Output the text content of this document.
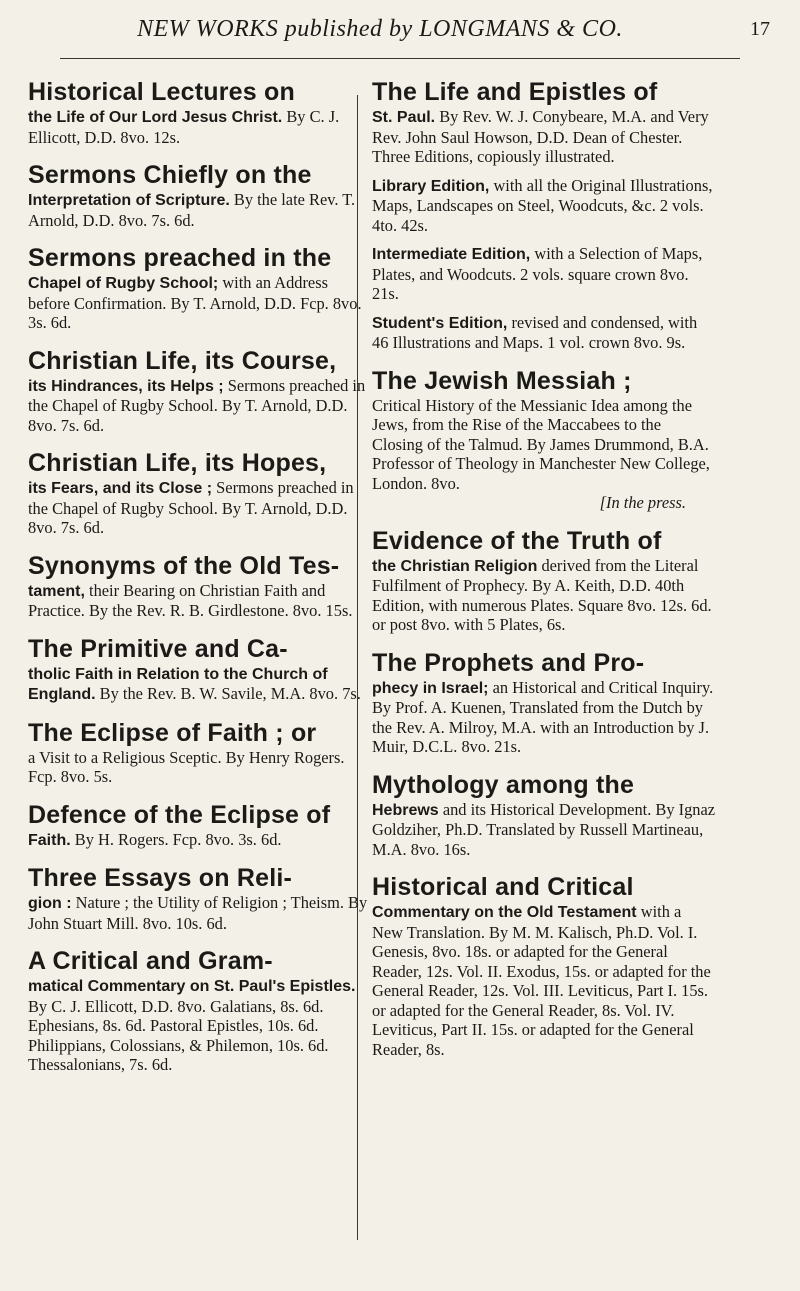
NEW WORKS published by LONGMANS & CO.	17

Historical Lectures on

the Life of Our Lord Jesus Christ. By C. J. Ellicott, D.D. 8vo. 12s.

Sermons Chiefly on the

Interpretation of Scripture. By the late Rev. T. Arnold, D.D. 8vo. 7s. 6d.

Sermons preached in the

Chapel of Rugby School; with an Address before Confirmation. By T. Arnold, D.D. Fcp. 8vo. 3s. 6d.

Christian Life, its Course,

its Hindrances, its Helps ; Sermons preached in the Chapel of Rugby School. By T. Arnold, D.D. 8vo. 7s. 6d.

Christian Life, its Hopes,

its Fears, and its Close ; Sermons preached in the Chapel of Rugby School. By T. Arnold, D.D. 8vo. 7s. 6d.

Synonyms of the Old Tes-

tament, their Bearing on Christian Faith and Practice. By the Rev. R. B. Girdlestone. 8vo. 15s.

The Primitive and Ca-

tholic Faith in Relation to the Church of England. By the Rev. B. W. Savile, M.A. 8vo. 7s.

The Eclipse of Faith ; or

a Visit to a Religious Sceptic. By Henry Rogers. Fcp. 8vo. 5s.

Defence of the Eclipse of

Faith. By H. Rogers. Fcp. 8vo. 3s. 6d.

Three Essays on Reli-

gion : Nature ; the Utility of Religion ; Theism. By John Stuart Mill. 8vo. 10s. 6d.

A Critical and Gram-

matical Commentary on St. Paul's Epistles. By C. J. Ellicott, D.D. 8vo. Galatians, 8s. 6d. Ephesians, 8s. 6d. Pastoral Epistles, 10s. 6d. Philippians, Colossians, & Philemon, 10s. 6d. Thessalonians, 7s. 6d.

The Life and Epistles of

St. Paul. By Rev. W. J. Conybeare, M.A. and Very Rev. John Saul Howson, D.D. Dean of Chester. Three Editions, copiously illustrated.

Library Edition, with all the Original Illustrations, Maps, Landscapes on Steel, Woodcuts, &c. 2 vols. 4to. 42s.

Intermediate Edition, with a Selection of Maps, Plates, and Woodcuts. 2 vols. square crown 8vo. 21s.

Student's Edition, revised and condensed, with 46 Illustrations and Maps. 1 vol. crown 8vo. 9s.

The Jewish Messiah ;

Critical History of the Messianic Idea among the Jews, from the Rise of the Maccabees to the Closing of the Talmud. By James Drummond, B.A. Professor of Theology in Manchester New College, London. 8vo.

[In the press.

Evidence of the Truth of

the Christian Religion derived from the Literal Fulfilment of Prophecy. By A. Keith, D.D. 40th Edition, with numerous Plates. Square 8vo. 12s. 6d. or post 8vo. with 5 Plates, 6s.

The Prophets and Pro-

phecy in Israel; an Historical and Critical Inquiry. By Prof. A. Kuenen, Translated from the Dutch by the Rev. A. Milroy, M.A. with an Introduction by J. Muir, D.C.L. 8vo. 21s.

Mythology among the

Hebrews and its Historical Development. By Ignaz Goldziher, Ph.D. Translated by Russell Martineau, M.A. 8vo. 16s.

Historical and Critical

Commentary on the Old Testament with a New Translation. By M. M. Kalisch, Ph.D. Vol. I. Genesis, 8vo. 18s. or adapted for the General Reader, 12s. Vol. II. Exodus, 15s. or adapted for the General Reader, 12s. Vol. III. Leviticus, Part I. 15s. or adapted for the General Reader, 8s. Vol. IV. Leviticus, Part II. 15s. or adapted for the General Reader, 8s.
